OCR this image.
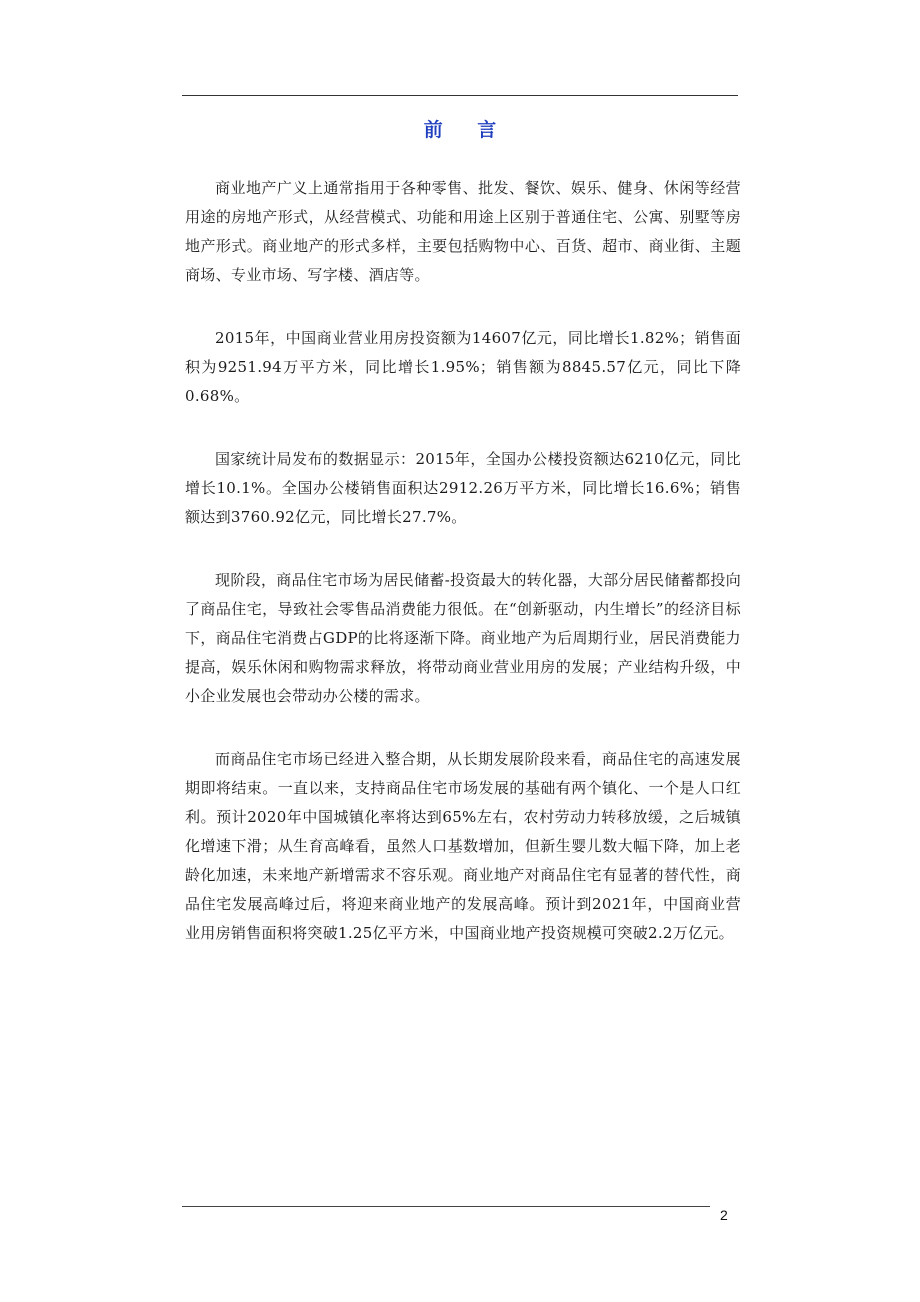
前 言

商业地产广义上通常指用于各种零售、批发、餐饮、娱乐、健身、休闲等经营用途的房地产形式，从经营模式、功能和用途上区别于普通住宅、公寓、别墅等房地产形式。商业地产的形式多样，主要包括购物中心、百货、超市、商业街、主题商场、专业市场、写字楼、酒店等。

2015年，中国商业营业用房投资额为14607亿元，同比增长1.82%；销售面积为9251.94万平方米，同比增长1.95%；销售额为8845.57亿元，同比下降0.68%。

国家统计局发布的数据显示：2015年，全国办公楼投资额达6210亿元，同比增长10.1%。全国办公楼销售面积达2912.26万平方米，同比增长16.6%；销售额达到3760.92亿元，同比增长27.7%。

现阶段，商品住宅市场为居民储蓄-投资最大的转化器，大部分居民储蓄都投向了商品住宅，导致社会零售品消费能力很低。在“创新驱动，内生增长”的经济目标下，商品住宅消费占GDP的比将逐渐下降。商业地产为后周期行业，居民消费能力提高，娱乐休闲和购物需求释放，将带动商业营业用房的发展；产业结构升级，中小企业发展也会带动办公楼的需求。

而商品住宅市场已经进入整合期，从长期发展阶段来看，商品住宅的高速发展期即将结束。一直以来，支持商品住宅市场发展的基础有两个镇化、一个是人口红利。预计2020年中国城镇化率将达到65%左右，农村劳动力转移放缓，之后城镇化增速下滑；从生育高峰看，虽然人口基数增加，但新生婴儿数大幅下降，加上老龄化加速，未来地产新增需求不容乐观。商业地产对商品住宅有显著的替代性，商品住宅发展高峰过后，将迎来商业地产的发展高峰。预计到2021年，中国商业营业用房销售面积将突破1.25亿平方米，中国商业地产投资规模可突破2.2万亿元。

2
